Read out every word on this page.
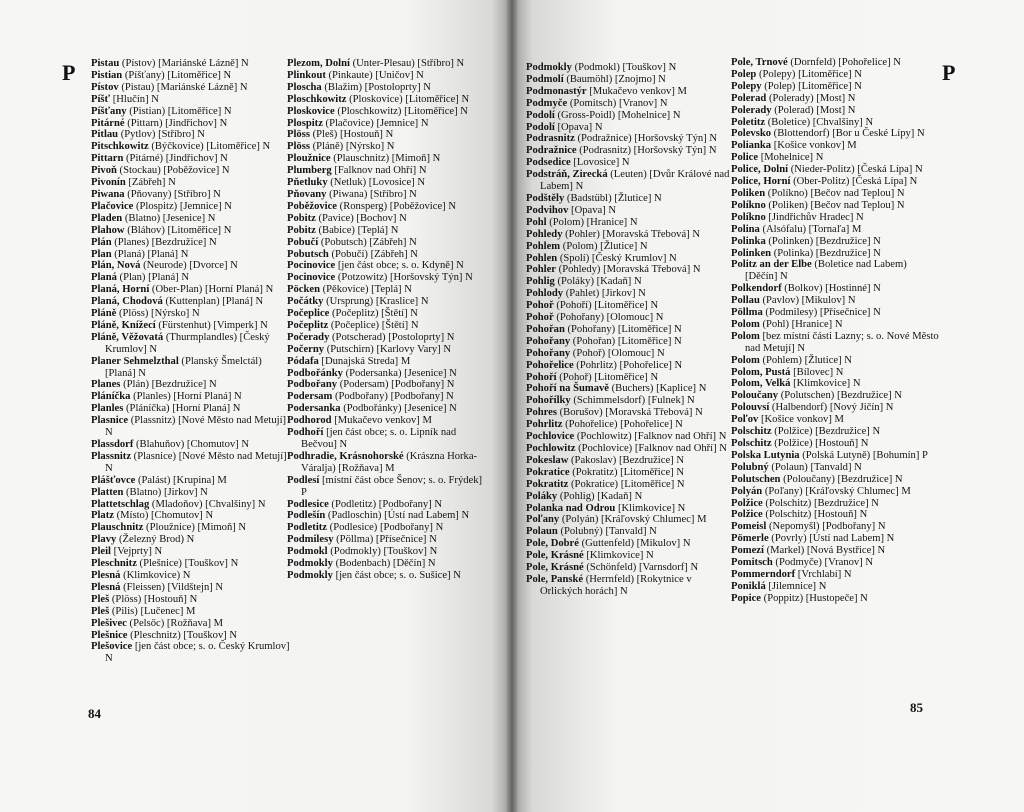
P Pistau (Pístov) [Mariánské Lázně] N

Pistian (Píšťany) [Litoměřice] N

Pístov (Pistau) [Mariánské Lázně] N

Píšť [Hlučín] N

Píšťany (Pistian) [Litoměřice] N

Pitárné (Pittarn) [Jindřichov] N

Pitlau (Pytlov) [Stříbro] N

Pitschkowitz (Býčkovice) [Litoměřice] N

Pittarn (Pitárné) [Jindřichov] N

Pivoň (Stockau) [Poběžovice] N

Pivonín [Zábřeh] N

Piwana (Pňovany) [Stříbro] N

Plačovice (Plospitz) [Jemnice] N

Pladen (Blatno) [Jesenice] N

Plahow (Bláhov) [Litoměřice] N

Plán (Planes) [Bezdružice] N

Plan (Planá) [Planá] N

Plán, Nová (Neurode) [Dvorce] N

Planá (Plan) [Planá] N

Planá, Horní (Ober-Plan) [Horní Planá] N

Planá, Chodová (Kuttenplan) [Planá] N

Pláně (Plöss) [Nýrsko] N

Pláně, Knížecí (Fürstenhut) [Vimperk] N

Pláně, Věžovatá (Thurmplandles) [Český Krumlov] N

Planer Sehmelzthal (Planský Šmelctál) [Planá] N

Planes (Plán) [Bezdružice] N

Pláníčka (Planles) [Horní Planá] N

Planles (Pláníčka) [Horní Planá] N

Plasnice (Plassnitz) [Nové Město nad Metují] N

Plassdorf (Blahuňov) [Chomutov] N

Plassnitz (Plasnice) [Nové Město nad Metují] N

Plášťovce (Palást) [Krupina] M

Platten (Blatno) [Jirkov] N

Plattetschlag (Mladoňov) [Chvalšiny] N

Platz (Místo) [Chomutov] N

Plauschnitz (Ploužnice) [Mimoň] N

Plavy (Železný Brod) N

Pleil [Vejprty] N

Pleschnitz (Plešnice) [Touškov] N

Plesná (Klimkovice) N

Plesná (Fleissen) [Vildštejn] N

Pleš (Plöss) [Hostouň] N

Pleš (Pilis) [Lučenec] M

Plešivec (Pelsőc) [Rožňava] M

Plešnice (Pleschnitz) [Touškov] N

Plešovice [jen část obce; s. o. Český Krumlov] N

Plezom, Dolní (Unter-Plesau) [Stříbro] N

Plinkout (Pinkaute) [Uničov] N

Ploscha (Blažim) [Postoloprty] N

Ploschkowitz (Ploskovice) [Litoměřice] N

Ploskovice (Ploschkowitz) [Litoměřice] N

Plospitz (Plačovice) [Jemnice] N

Plöss (Pleš) [Hostouň] N

Plöss (Pláně) [Nýrsko] N

Ploužnice (Plauschnitz) [Mimoň] N

Plumberg [Falknov nad Ohří] N

Pňetluky (Netluk) [Lovosice] N

Pňovany (Piwana) [Stříbro] N

Poběžovice (Ronsperg) [Poběžovice] N

Pobitz (Pavice) [Bochov] N

Pobitz (Babice) [Teplá] N

Pobučí (Pobutsch) [Zábřeh] N

Pobutsch (Pobučí) [Zábřeh] N

Pocinovice [jen část obce; s. o. Kdyně] N

Pocinovice (Potzowitz) [Horšovský Týn] N

Pöcken (Pěkovice) [Teplá] N

Počátky (Ursprung) [Kraslice] N

Počeplice (Počeplitz) [Štětí] N

Počeplitz (Počeplice) [Štětí] N

Počerady (Potscherad) [Postoloprty] N

Počerny (Putschirn) [Karlovy Vary] N

Pódafa [Dunajská Streda] M

Podbořánky (Podersanka) [Jesenice] N

Podbořany (Podersam) [Podbořany] N

Podersam (Podbořany) [Podbořany] N

Podersanka (Podbořánky) [Jesenice] N

Podhorod [Mukačevo venkov] M

Podhoří [jen část obce; s. o. Lipník nad Bečvou] N

Podhradie, Krásnohorské (Krászna Horka-Váralja) [Rožňava] M

Podlesí [místní část obce Šenov; s. o. Frýdek] P

Podlesice (Podletitz) [Podbořany] N

Podlešín (Padloschin) [Ústí nad Labem] N

Podletitz (Podlesice) [Podbořany] N

Podmilesy (Pöllma) [Přísečnice] N

Podmokl (Podmokly) [Touškov] N

Podmokly (Bodenbach) [Děčín] N

Podmokly [jen část obce; s. o. Sušice] N

84

Podmokly (Podmokl) [Touškov] N

Podmolí (Baumöhl) [Znojmo] N

Podmonastýr [Mukačevo venkov] M

Podmyče (Pomitsch) [Vranov] N

Podolí (Gross-Poidl) [Mohelnice] N

Podolí [Opava] N

Podrasnitz (Podražnice) [Horšovský Týn] N

Podražnice (Podrasnitz) [Horšovský Týn] N

Podsedice [Lovosice] N

Podstráň, Zirecká (Leuten) [Dvůr Králové nad Labem] N

Podštěly (Badstübl) [Žlutice] N

Podvihov [Opava] N

Pohl (Polom) [Hranice] N

Pohledy (Pohler) [Moravská Třebová] N

Pohlem (Polom) [Žlutice] N

Pohlen (Spolí) [Český Krumlov] N

Pohler (Pohledy) [Moravská Třebová] N

Pohlig (Poláky) [Kadaň] N

Pohlody (Pahlet) [Jirkov] N

Pohoř (Pohoří) [Litoměřice] N

Pohoř (Pohořany) [Olomouc] N

Pohořan (Pohořany) [Litoměřice] N

Pohořany (Pohořan) [Litoměřice] N

Pohořany (Pohoř) [Olomouc] N

Pohořelice (Pohrlitz) [Pohořelice] N

Pohoří (Pohoř) [Litoměřice] N

Pohoří na Šumavě (Buchers) [Kaplice] N

Pohořílky (Schimmelsdorf) [Fulnek] N

Pohres (Borušov) [Moravská Třebová] N

Pohrlitz (Pohořelice) [Pohořelice] N

Pochlovice (Pochlowitz) [Falknov nad Ohří] N

Pochlowitz (Pochlovice) [Falknov nad Ohří] N

Pokeslaw (Pakoslav) [Bezdružice] N

Pokratice (Pokratitz) [Litoměřice] N

Pokratitz (Pokratice) [Litoměřice] N

Poláky (Pohlig) [Kadaň] N

Polanka nad Odrou [Klimkovice] N

Poľany (Polyán) [Kráľovský Chlumec] M

Polaun (Polubný) [Tanvald] N

Pole, Dobré (Guttenfeld) [Mikulov] N

Pole, Krásné [Klimkovice] N

Pole, Krásné (Schönfeld) [Varnsdorf] N

Pole, Panské (Herrnfeld) [Rokytnice v Orlických horách] N

Pole, Trnové (Dornfeld) [Pohořelice] N

Polep (Polepy) [Litoměřice] N

Polepy (Polep) [Litoměřice] N

Polerad (Polerady) [Most] N

Polerady (Polerad) [Most] N

Poletitz (Boletice) [Chvalšiny] N

Polevsko (Blottendorf) [Bor u České Lípy] N

Polianka [Košice vonkov] M

Police [Mohelnice] N

Police, Dolní (Nieder-Politz) [Česká Lípa] N

Police, Horní (Ober-Politz) [Česká Lípa] N

Poliken (Políkno) [Bečov nad Teplou] N

Políkno (Poliken) [Bečov nad Teplou] N

Políkno [Jindřichův Hradec] N

Polina (Alsófalu) [Tornaľa] M

Polinka (Polinken) [Bezdružice] N

Polinken (Polinka) [Bezdružice] N

Politz an der Elbe (Boletice nad Labem) [Děčín] N

Polkendorf (Bolkov) [Hostinné] N

Pollau (Pavlov) [Mikulov] N

Pöllma (Podmilesy) [Přísečnice] N

Polom (Pohl) [Hranice] N

Polom [bez místní části Lazny; s. o. Nové Město nad Metují] N

Polom (Pohlem) [Žlutice] N

Polom, Pustá [Bílovec] N

Polom, Velká [Klimkovice] N

Poloučany (Polutschen) [Bezdružice] N

Polouvsí (Halbendorf) [Nový Jičín] N

Poľov [Košice vonkov] M

Polschitz (Polžice) [Bezdružice] N

Polschitz (Polžice) [Hostouň] N

Polska Lutynia (Polská Lutyně) [Bohumín] P

Polubný (Polaun) [Tanvald] N

Polutschen (Poloučany) [Bezdružice] N

Polyán (Poľany) [Kráľovský Chlumec] M

Polžice (Polschitz) [Bezdružice] N

Polžice (Polschitz) [Hostouň] N

Pomeisl (Nepomyšl) [Podbořany] N

Pömerle (Povrly) [Ústí nad Labem] N

Pomezí (Markel) [Nová Bystřice] N

Pomitsch (Podmyče) [Vranov] N

Pommerndorf [Vrchlabí] N

Poniklá [Jilemnice] N

Popice (Poppitz) [Hustopeče] N

P
85
